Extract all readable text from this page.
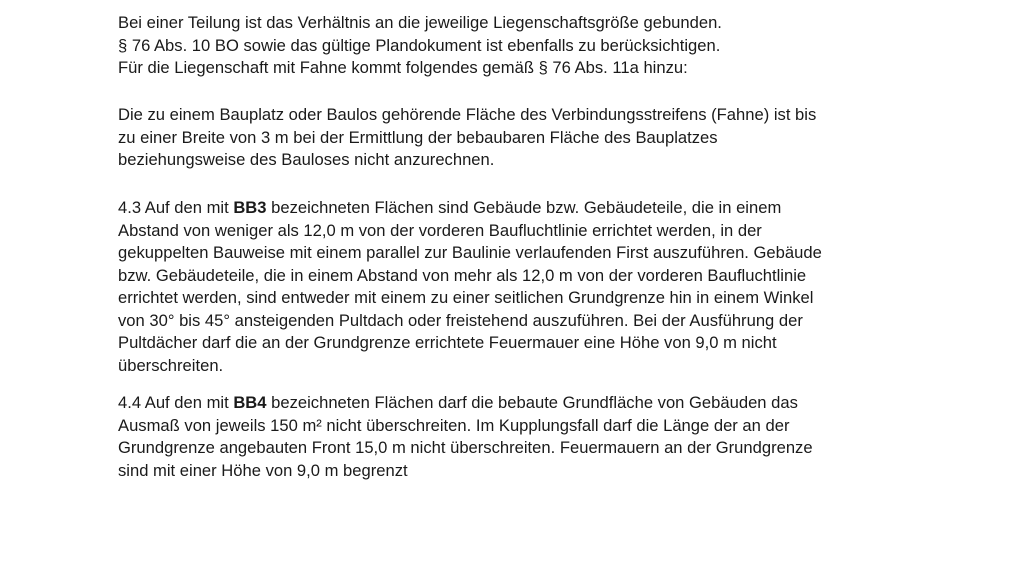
Bei einer Teilung ist das Verhältnis an die jeweilige Liegenschaftsgröße gebunden.
§ 76 Abs. 10 BO sowie das gültige Plandokument ist ebenfalls zu berücksichtigen.
Für die Liegenschaft mit Fahne kommt folgendes gemäß § 76 Abs. 11a hinzu:
Die zu einem Bauplatz oder Baulos gehörende Fläche des Verbindungsstreifens (Fahne) ist bis
zu einer Breite von 3 m bei der Ermittlung der bebaubaren Fläche des Bauplatzes
beziehungsweise des Bauloses nicht anzurechnen.
4.3 Auf den mit BB3 bezeichneten Flächen sind Gebäude bzw. Gebäudeteile, die in einem
Abstand von weniger als 12,0 m von der vorderen Baufluchtlinie errichtet werden, in der
gekuppelten Bauweise mit einem parallel zur Baulinie verlaufenden First auszuführen. Gebäude
bzw. Gebäudeteile, die in einem Abstand von mehr als 12,0 m von der vorderen Baufluchtlinie
errichtet werden, sind entweder mit einem zu einer seitlichen Grundgrenze hin in einem Winkel
von 30° bis 45° ansteigenden Pultdach oder freistehend auszuführen. Bei der Ausführung der
Pultdächer darf die an der Grundgrenze errichtete Feuermauer eine Höhe von 9,0 m nicht
überschreiten.
4.4 Auf den mit BB4 bezeichneten Flächen darf die bebaute Grundfläche von Gebäuden das
Ausmaß von jeweils 150 m² nicht überschreiten. Im Kupplungsfall darf die Länge der an der
Grundgrenze angebauten Front 15,0 m nicht überschreiten. Feuermauern an der Grundgrenze
sind mit einer Höhe von 9,0 m begrenzt
